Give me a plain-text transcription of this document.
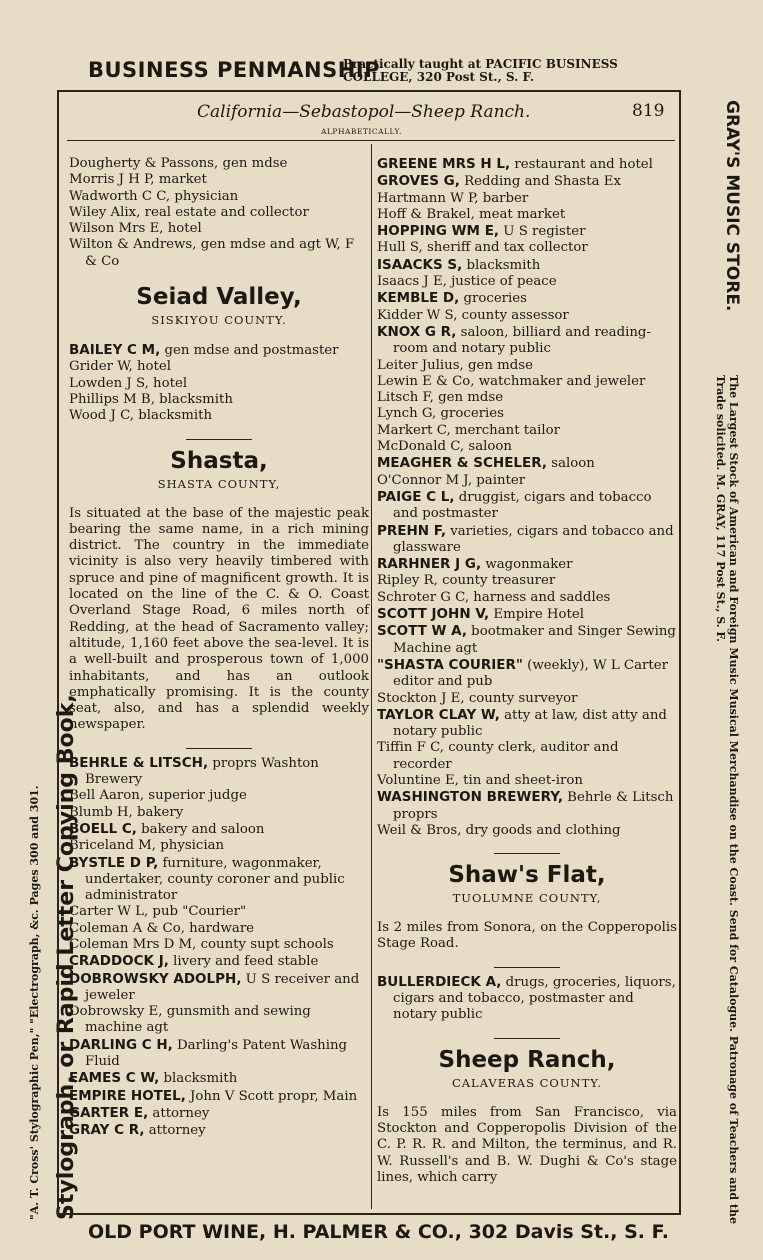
BUSINESS PENMANSHIP
Practically taught at PACIFIC BUSINESS COLLEGE, 320 Post St., S. F.
"A. T. Cross' Stylographic Pen," "Electrograph, &c. Pages 300 and 301. Stylograph, or Rapid Letter Copying Book,
GRAY'S MUSIC STORE.
The Largest Stock of American and Foreign Music Musical Merchandise on the Coast. Send for Catalogue. Patronage of Teachers and the Trade solicited. M. GRAY, 117 Post St., S. F.
California—Sebastopol—Sheep Ranch.	819
ALPHABETICALLY.
Dougherty & Passons, gen mdse
Morris J H P, market
Wadworth C C, physician
Wiley Alix, real estate and collector
Wilson Mrs E, hotel
Wilton & Andrews, gen mdse and agt W, F & Co
Seiad Valley,
SISKIYOU COUNTY.
BAILEY C M, gen mdse and postmaster
Grider W, hotel
Lowden J S, hotel
Phillips M B, blacksmith
Wood J C, blacksmith
Shasta,
SHASTA COUNTY,
Is situated at the base of the majestic peak bearing the same name, in a rich mining district. The country in the immediate vicinity is also very heavily timbered with spruce and pine of magnificent growth. It is located on the line of the C. & O. Coast Overland Stage Road, 6 miles north of Redding, at the head of Sacramento valley; altitude, 1,160 feet above the sea-level. It is a well-built and prosperous town of 1,000 inhabitants, and has an outlook emphatically promising. It is the county seat, also, and has a splendid weekly newspaper.
BEHRLE & LITSCH, proprs Washton Brewery
Bell Aaron, superior judge
Blumb H, bakery
BOELL C, bakery and saloon
Briceland M, physician
BYSTLE D P, furniture, wagonmaker, undertaker, county coroner and public administrator
Carter W L, pub "Courier"
Coleman A & Co, hardware
Coleman Mrs D M, county supt schools
CRADDOCK J, livery and feed stable
DOBROWSKY ADOLPH, U S receiver and jeweler
Dobrowsky E, gunsmith and sewing machine agt
DARLING C H, Darling's Patent Washing Fluid
EAMES C W, blacksmith
EMPIRE HOTEL, John V Scott propr, Main
GARTER E, attorney
GRAY C R, attorney
GREENE MRS H L, restaurant and hotel
GROVES G, Redding and Shasta Ex
Hartmann W P, barber
Hoff & Brakel, meat market
HOPPING WM E, U S register
Hull S, sheriff and tax collector
ISAACKS S, blacksmith
Isaacs J E, justice of peace
KEMBLE D, groceries
Kidder W S, county assessor
KNOX G R, saloon, billiard and reading-room and notary public
Leiter Julius, gen mdse
Lewin E & Co, watchmaker and jeweler
Litsch F, gen mdse
Lynch G, groceries
Markert C, merchant tailor
McDonald C, saloon
MEAGHER & SCHELER, saloon
O'Connor M J, painter
PAIGE C L, druggist, cigars and tobacco and postmaster
PREHN F, varieties, cigars and tobacco and glassware
RARHNER J G, wagonmaker
Ripley R, county treasurer
Schroter G C, harness and saddles
SCOTT JOHN V, Empire Hotel
SCOTT W A, bootmaker and Singer Sewing Machine agt
"SHASTA COURIER" (weekly), W L Carter editor and pub
Stockton J E, county surveyor
TAYLOR CLAY W, atty at law, dist atty and notary public
Tiffin F C, county clerk, auditor and recorder
Voluntine E, tin and sheet-iron
WASHINGTON BREWERY, Behrle & Litsch proprs
Weil & Bros, dry goods and clothing
Shaw's Flat,
TUOLUMNE COUNTY,
Is 2 miles from Sonora, on the Copperopolis Stage Road.
BULLERDIECK A, drugs, groceries, liquors, cigars and tobacco, postmaster and notary public
Sheep Ranch,
CALAVERAS COUNTY.
Is 155 miles from San Francisco, via Stockton and Copperopolis Division of the C. P. R. R. and Milton, the terminus, and R. W. Russell's and B. W. Dughi & Co's stage lines, which carry
OLD PORT WINE, H. PALMER & CO., 302 Davis St., S. F.
